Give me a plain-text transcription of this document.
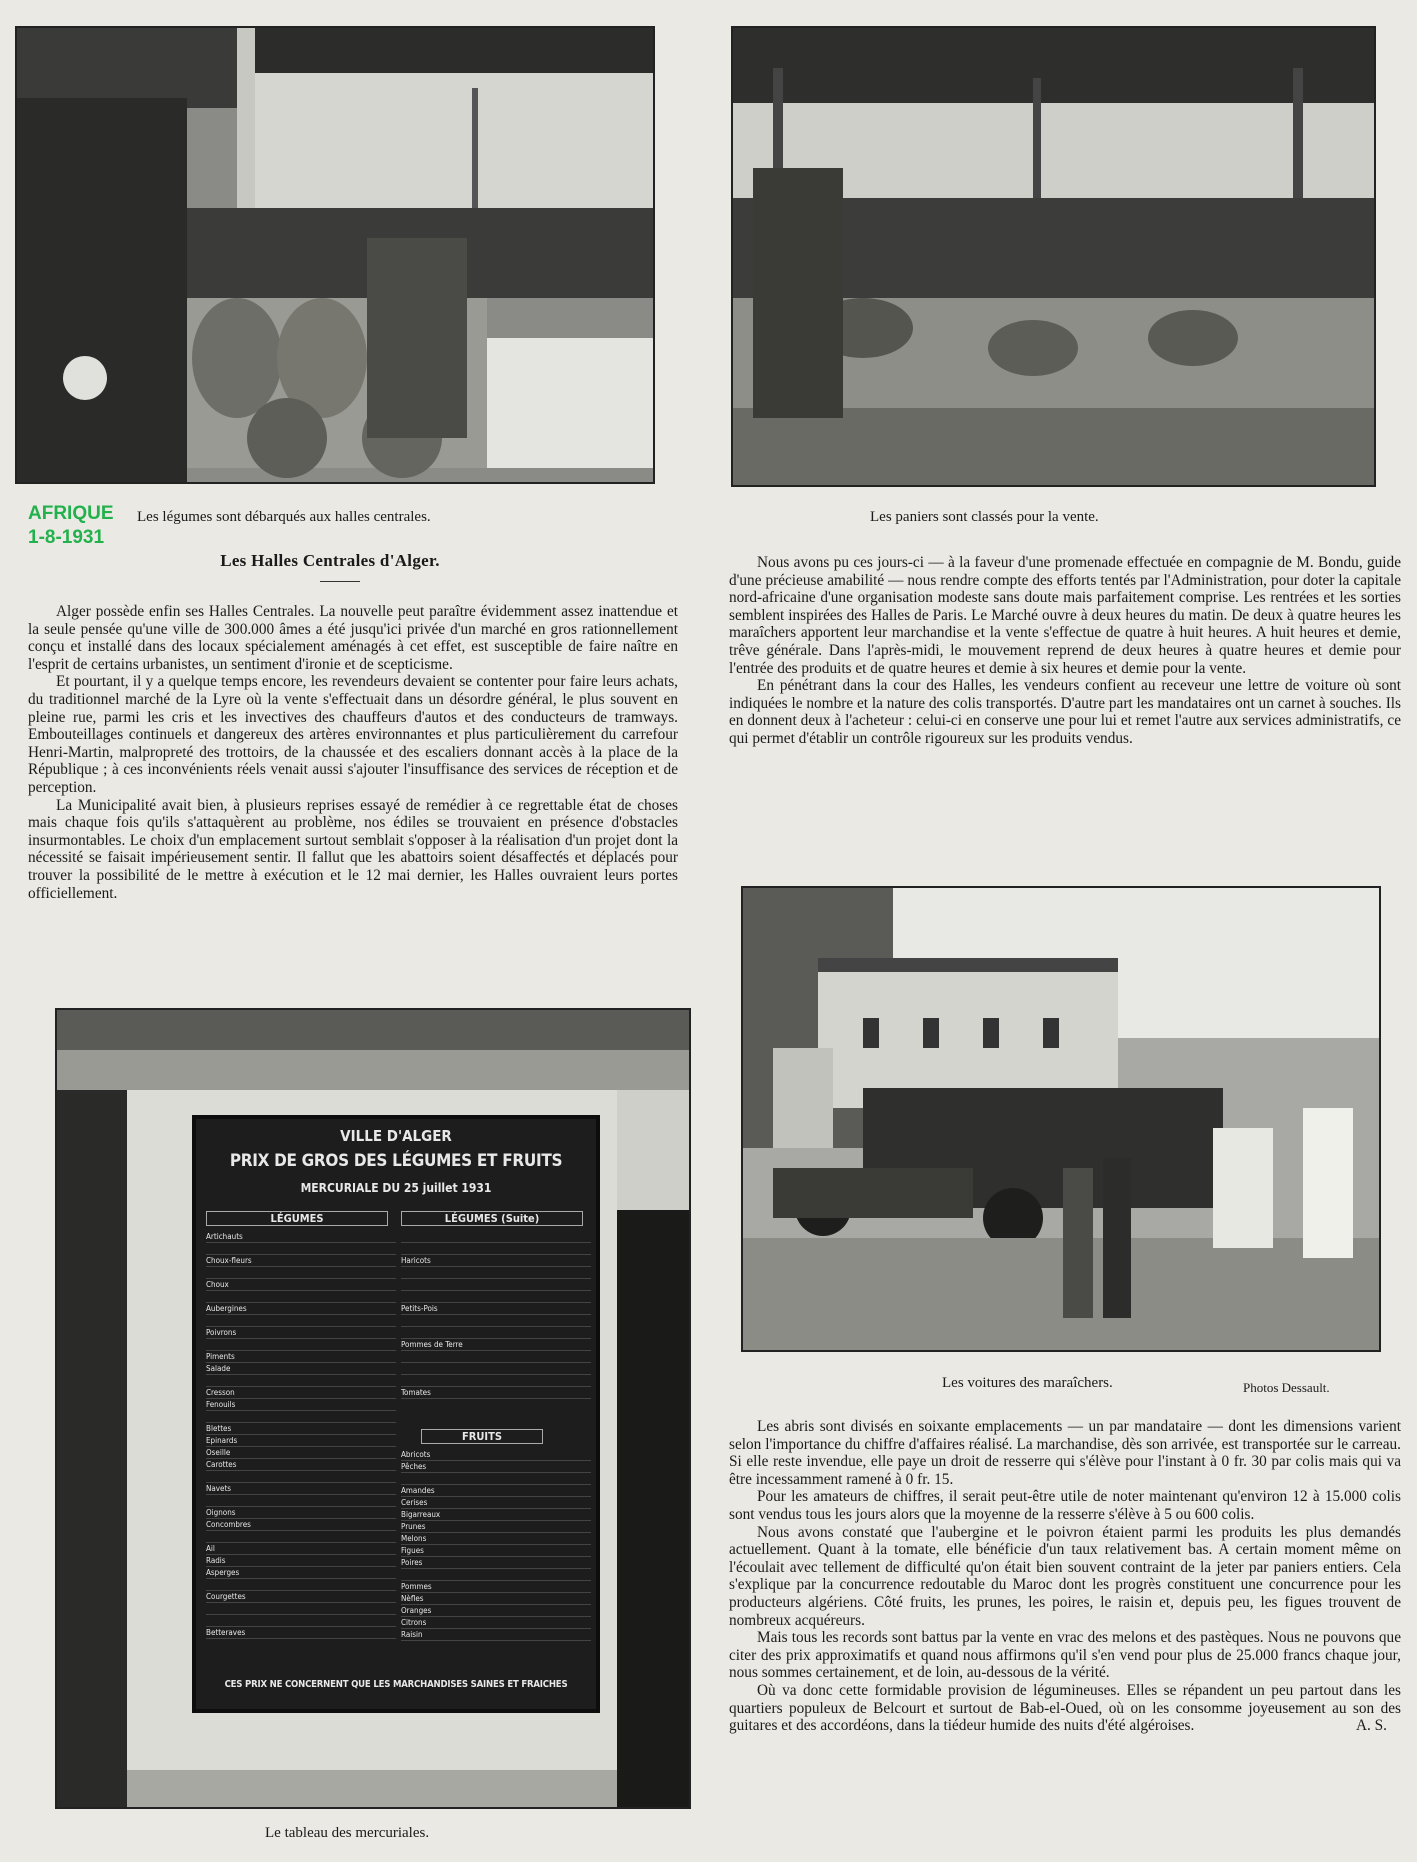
Les légumes sont débarqués aux halles centrales.	Les paniers sont classés pour la vente.
AFRIQUE
1-8-1931
Les Halles Centrales d'Alger.

Alger possède enfin ses Halles Centrales. La nouvelle peut paraître évidemment assez inattendue et la seule pensée qu'une ville de 300.000 âmes a été jusqu'ici privée d'un marché en gros rationnellement conçu et installé dans des locaux spécialement aménagés à cet effet, est susceptible de faire naître en l'esprit de certains urbanistes, un sentiment d'ironie et de scepticisme.

Et pourtant, il y a quelque temps encore, les revendeurs devaient se contenter pour faire leurs achats, du traditionnel marché de la Lyre où la vente s'effectuait dans un désordre général, le plus souvent en pleine rue, parmi les cris et les invectives des chauffeurs d'autos et des conducteurs de tramways. Embouteillages continuels et dangereux des artères environnantes et plus particulièrement du carrefour Henri-Martin, malpropreté des trottoirs, de la chaussée et des escaliers donnant accès à la place de la République ; à ces inconvénients réels venait aussi s'ajouter l'insuffisance des services de réception et de perception.

La Municipalité avait bien, à plusieurs reprises essayé de remédier à ce regrettable état de choses mais chaque fois qu'ils s'attaquèrent au problème, nos édiles se trouvaient en présence d'obstacles insurmontables. Le choix d'un emplacement surtout semblait s'opposer à la réalisation d'un projet dont la nécessité se faisait impérieusement sentir. Il fallut que les abattoirs soient désaffectés et déplacés pour trouver la possibilité de le mettre à exécution et le 12 mai dernier, les Halles ouvraient leurs portes officiellement.

Nous avons pu ces jours-ci — à la faveur d'une promenade effectuée en compagnie de M. Bondu, guide d'une précieuse amabilité — nous rendre compte des efforts tentés par l'Administration, pour doter la capitale nord-africaine d'une organisation modeste sans doute mais parfaitement comprise. Les rentrées et les sorties semblent inspirées des Halles de Paris. Le Marché ouvre à deux heures du matin. De deux à quatre heures les maraîchers apportent leur marchandise et la vente s'effectue de quatre à huit heures. A huit heures et demie, trêve générale. Dans l'après-midi, le mouvement reprend de deux heures à quatre heures et demie pour l'entrée des produits et de quatre heures et demie à six heures et demie pour la vente.

En pénétrant dans la cour des Halles, les vendeurs confient au receveur une lettre de voiture où sont indiquées le nombre et la nature des colis transportés. D'autre part les mandataires ont un carnet à souches. Ils en donnent deux à l'acheteur : celui-ci en conserve une pour lui et remet l'autre aux services administratifs, ce qui permet d'établir un contrôle rigoureux sur les produits vendus.

Les voitures des maraîchers.	Photos Dessault.

Les abris sont divisés en soixante emplacements — un par mandataire — dont les dimensions varient selon l'importance du chiffre d'affaires réalisé. La marchandise, dès son arrivée, est transportée sur le carreau. Si elle reste invendue, elle paye un droit de resserre qui s'élève pour l'instant à 0 fr. 30 par colis mais qui va être incessamment ramené à 0 fr. 15.

Pour les amateurs de chiffres, il serait peut-être utile de noter maintenant qu'environ 12 à 15.000 colis sont vendus tous les jours alors que la moyenne de la resserre s'élève à 5 ou 600 colis.

Nous avons constaté que l'aubergine et le poivron étaient parmi les produits les plus demandés actuellement. Quant à la tomate, elle bénéficie d'un taux relativement bas. A certain moment même on l'écoulait avec tellement de difficulté qu'on était bien souvent contraint de la jeter par paniers entiers. Cela s'explique par la concurrence redoutable du Maroc dont les progrès constituent une concurrence pour les producteurs algériens. Côté fruits, les prunes, les poires, le raisin et, depuis peu, les figues trouvent de nombreux acquéreurs.

Mais tous les records sont battus par la vente en vrac des melons et des pastèques. Nous ne pouvons que citer des prix approximatifs et quand nous affirmons qu'il s'en vend pour plus de 25.000 francs chaque jour, nous sommes certainement, et de loin, au-dessous de la vérité.

Où va donc cette formidable provision de légumineuses. Elles se répandent un peu partout dans les quartiers populeux de Belcourt et surtout de Bab-el-Oued, où on les consomme joyeusement au son des guitares et des accordéons, dans la tiédeur humide des nuits d'été algéroises.	A. S.

VILLE D'ALGER
PRIX DE GROS DES LÉGUMES ET FRUITS
MERCURIALE DU 25 juillet 1931
LÉGUMES	LÉGUMES (Suite)
Artichauts
Choux-fleurs
Choux
Aubergines
Poivrons
Piments
Salade
Cresson
Fenouils
Blettes
Epinards
Oseille
Carottes
Navets
Oignons
Concombres
Ail
Radis
Asperges
Courgettes
Betteraves
Haricots
Petits-Pois
Pommes de Terre
Tomates
FRUITS
Abricots
Pêches
Amandes
Cerises
Bigarreaux
Prunes
Melons
Figues
Poires
Pommes
Nèfles
Oranges
Citrons
Raisin
CES PRIX NE CONCERNENT QUE LES MARCHANDISES SAINES ET FRAICHES
Le tableau des mercuriales.
